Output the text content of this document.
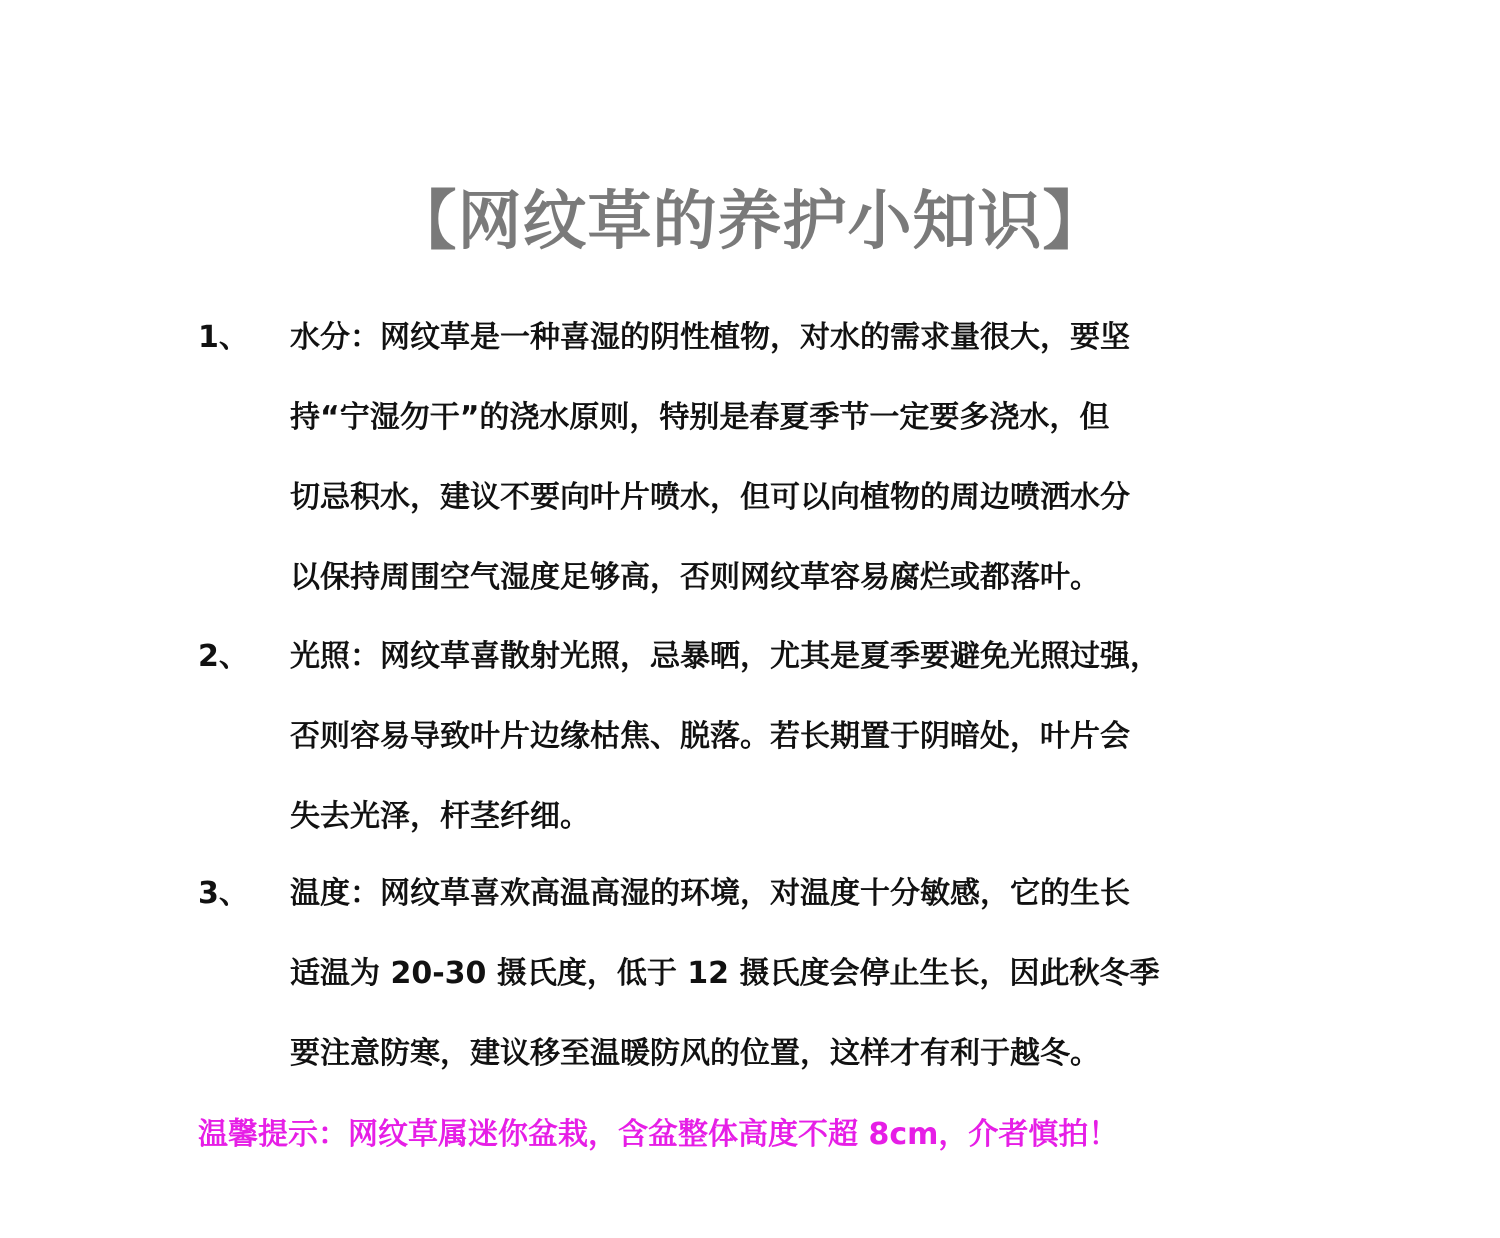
【网纹草的养护小知识】
1、 水分：网纹草是一种喜湿的阴性植物，对水的需求量很大，要坚
持“宁湿勿干”的浇水原则，特别是春夏季节一定要多浇水，但
切忌积水，建议不要向叶片喷水，但可以向植物的周边喷洒水分
以保持周围空气湿度足够高，否则网纹草容易腐烂或都落叶。
2、 光照：网纹草喜散射光照，忌暴晒，尤其是夏季要避免光照过强，
否则容易导致叶片边缘枯焦、脱落。若长期置于阴暗处，叶片会
失去光泽，杆茎纤细。
3、 温度：网纹草喜欢高温高湿的环境，对温度十分敏感，它的生长
适温为 20-30 摄氏度，低于 12 摄氏度会停止生长，因此秋冬季
要注意防寒，建议移至温暖防风的位置，这样才有利于越冬。
温馨提示：网纹草属迷你盆栽，含盆整体高度不超 8cm，介者慎拍！
